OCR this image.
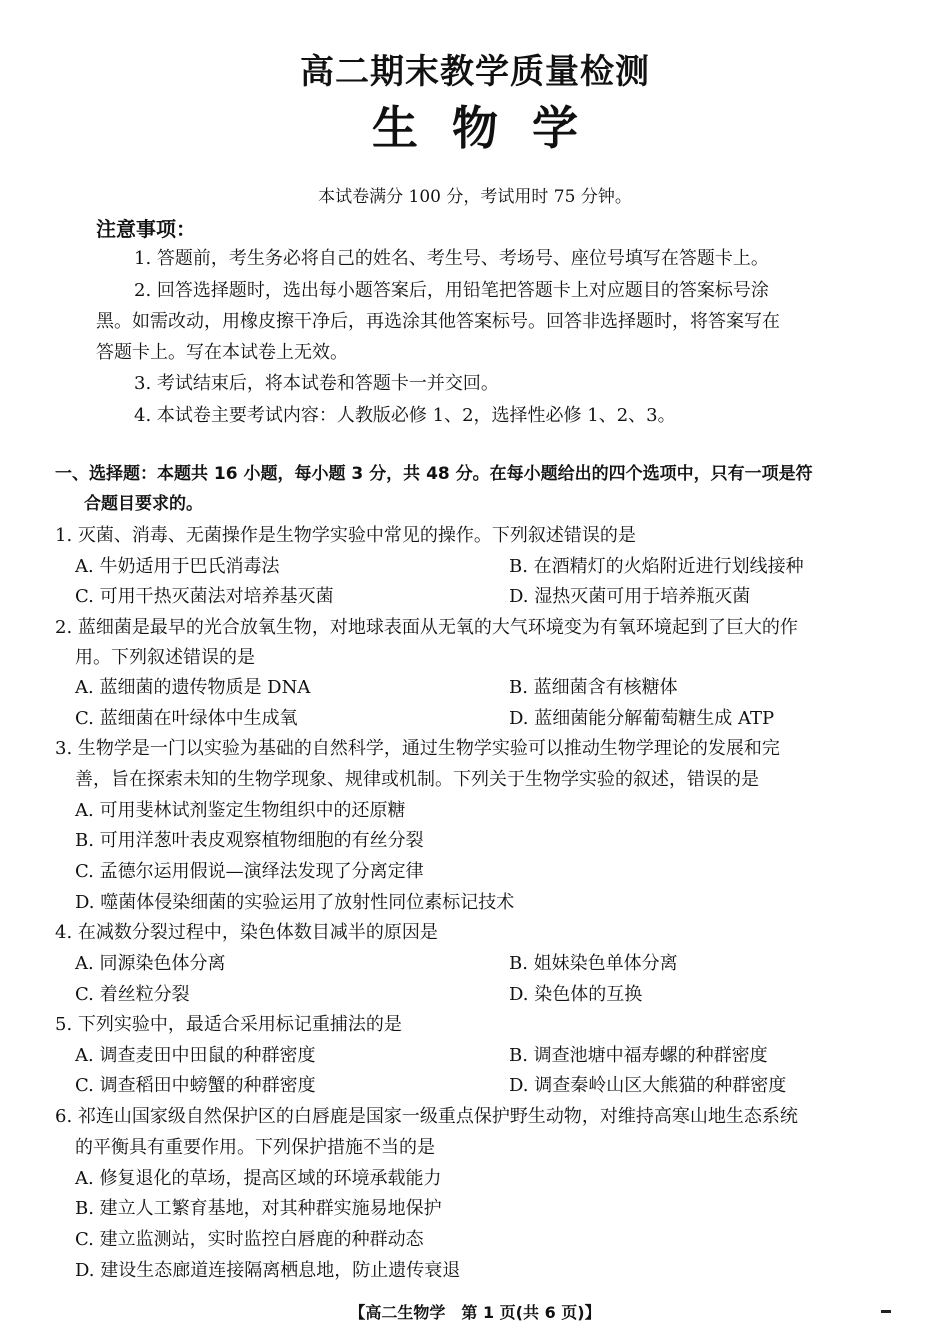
高二期末教学质量检测
生物学
本试卷满分 100 分，考试用时 75 分钟。
注意事项：
1. 答题前，考生务必将自己的姓名、考生号、考场号、座位号填写在答题卡上。
2. 回答选择题时，选出每小题答案后，用铅笔把答题卡上对应题目的答案标号涂
黑。如需改动，用橡皮擦干净后，再选涂其他答案标号。回答非选择题时，将答案写在
答题卡上。写在本试卷上无效。
3. 考试结束后，将本试卷和答题卡一并交回。
4. 本试卷主要考试内容：人教版必修 1、2，选择性必修 1、2、3。
一、选择题：本题共 16 小题，每小题 3 分，共 48 分。在每小题给出的四个选项中，只有一项是符
合题目要求的。
1. 灭菌、消毒、无菌操作是生物学实验中常见的操作。下列叙述错误的是
A. 牛奶适用于巴氏消毒法	B. 在酒精灯的火焰附近进行划线接种
C. 可用干热灭菌法对培养基灭菌	D. 湿热灭菌可用于培养瓶灭菌
2. 蓝细菌是最早的光合放氧生物，对地球表面从无氧的大气环境变为有氧环境起到了巨大的作
用。下列叙述错误的是
A. 蓝细菌的遗传物质是 DNA	B. 蓝细菌含有核糖体
C. 蓝细菌在叶绿体中生成氧	D. 蓝细菌能分解葡萄糖生成 ATP
3. 生物学是一门以实验为基础的自然科学，通过生物学实验可以推动生物学理论的发展和完
善，旨在探索未知的生物学现象、规律或机制。下列关于生物学实验的叙述，错误的是
A. 可用斐林试剂鉴定生物组织中的还原糖
B. 可用洋葱叶表皮观察植物细胞的有丝分裂
C. 孟德尔运用假说—演绎法发现了分离定律
D. 噬菌体侵染细菌的实验运用了放射性同位素标记技术
4. 在减数分裂过程中，染色体数目减半的原因是
A. 同源染色体分离	B. 姐妹染色单体分离
C. 着丝粒分裂	D. 染色体的互换
5. 下列实验中，最适合采用标记重捕法的是
A. 调查麦田中田鼠的种群密度	B. 调查池塘中福寿螺的种群密度
C. 调查稻田中螃蟹的种群密度	D. 调查秦岭山区大熊猫的种群密度
6. 祁连山国家级自然保护区的白唇鹿是国家一级重点保护野生动物，对维持高寒山地生态系统
的平衡具有重要作用。下列保护措施不当的是
A. 修复退化的草场，提高区域的环境承载能力
B. 建立人工繁育基地，对其种群实施易地保护
C. 建立监测站，实时监控白唇鹿的种群动态
D. 建设生态廊道连接隔离栖息地，防止遗传衰退
【高二生物学　第 1 页(共 6 页)】
